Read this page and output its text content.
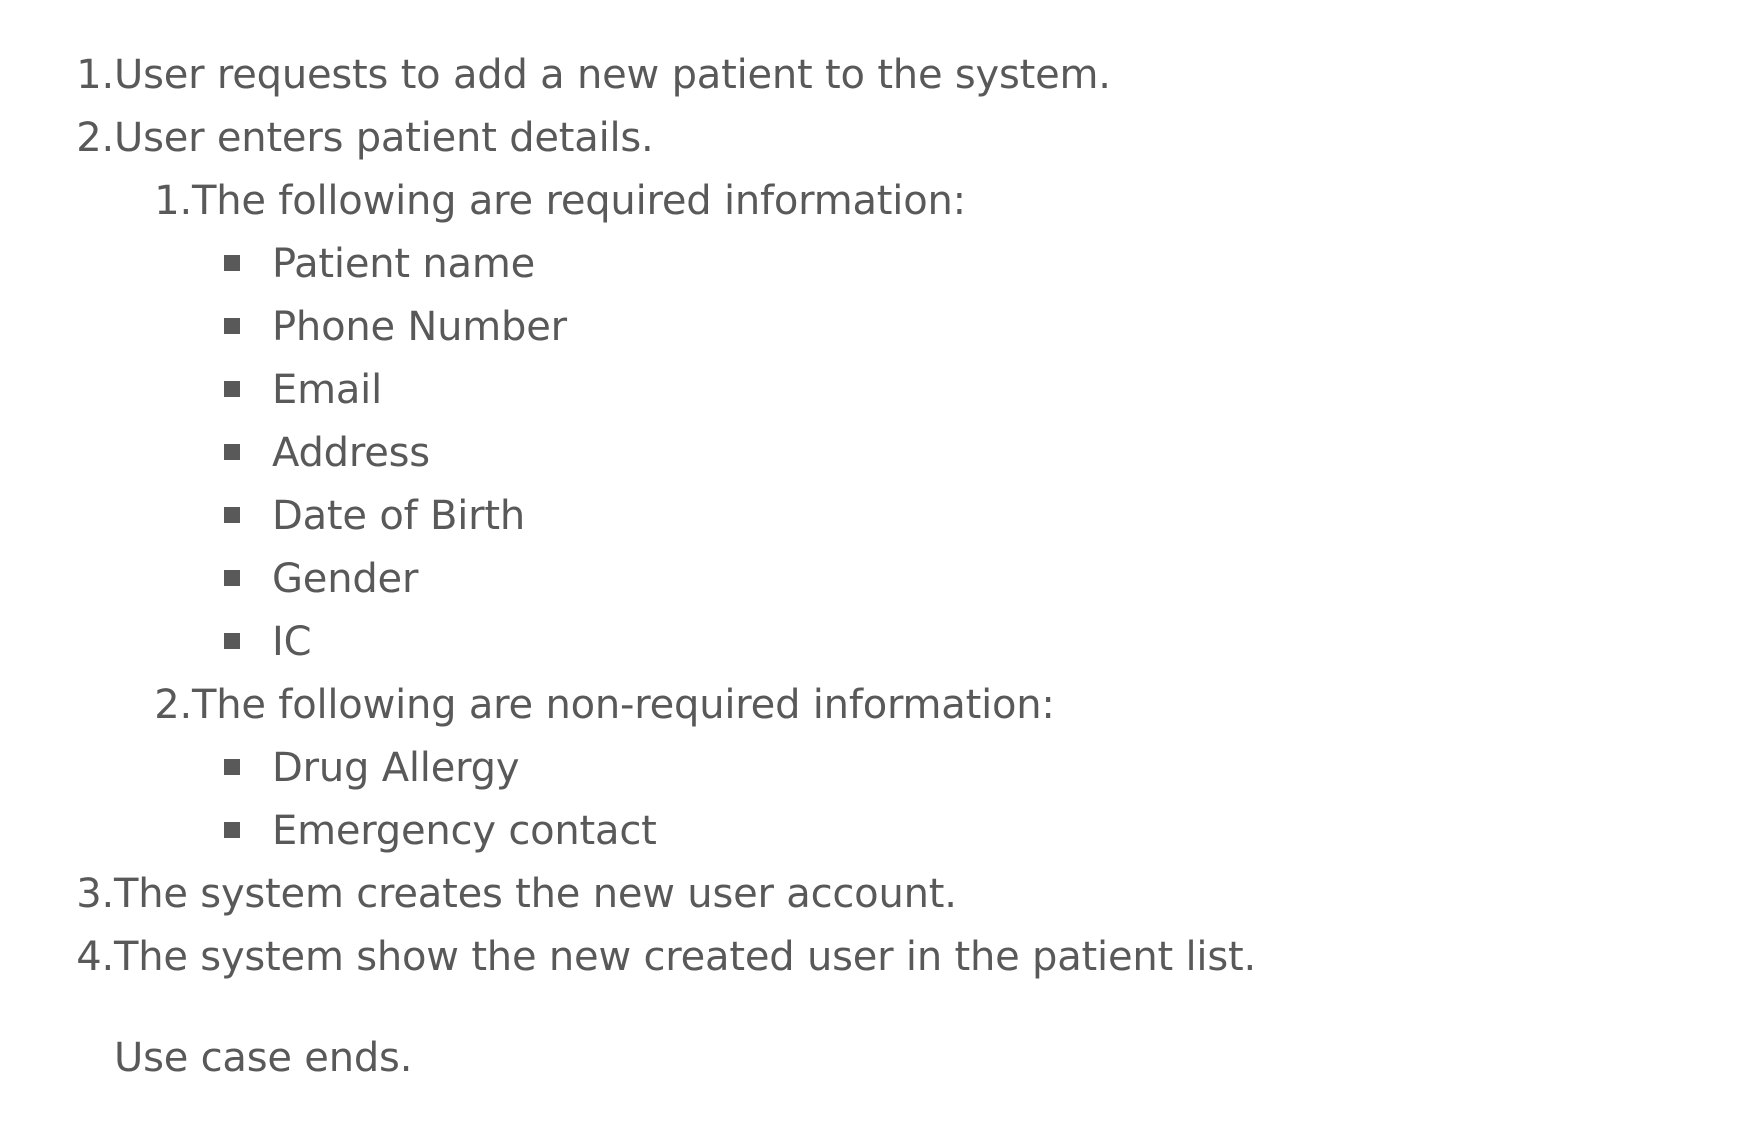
1.User requests to add a new patient to the system.
2.User enters patient details.
1.The following are required information:
Patient name
Phone Number
Email
Address
Date of Birth
Gender
IC
2.The following are non-required information:
Drug Allergy
Emergency contact
3.The system creates the new user account.
4.The system show the new created user in the patient list.
Use case ends.
